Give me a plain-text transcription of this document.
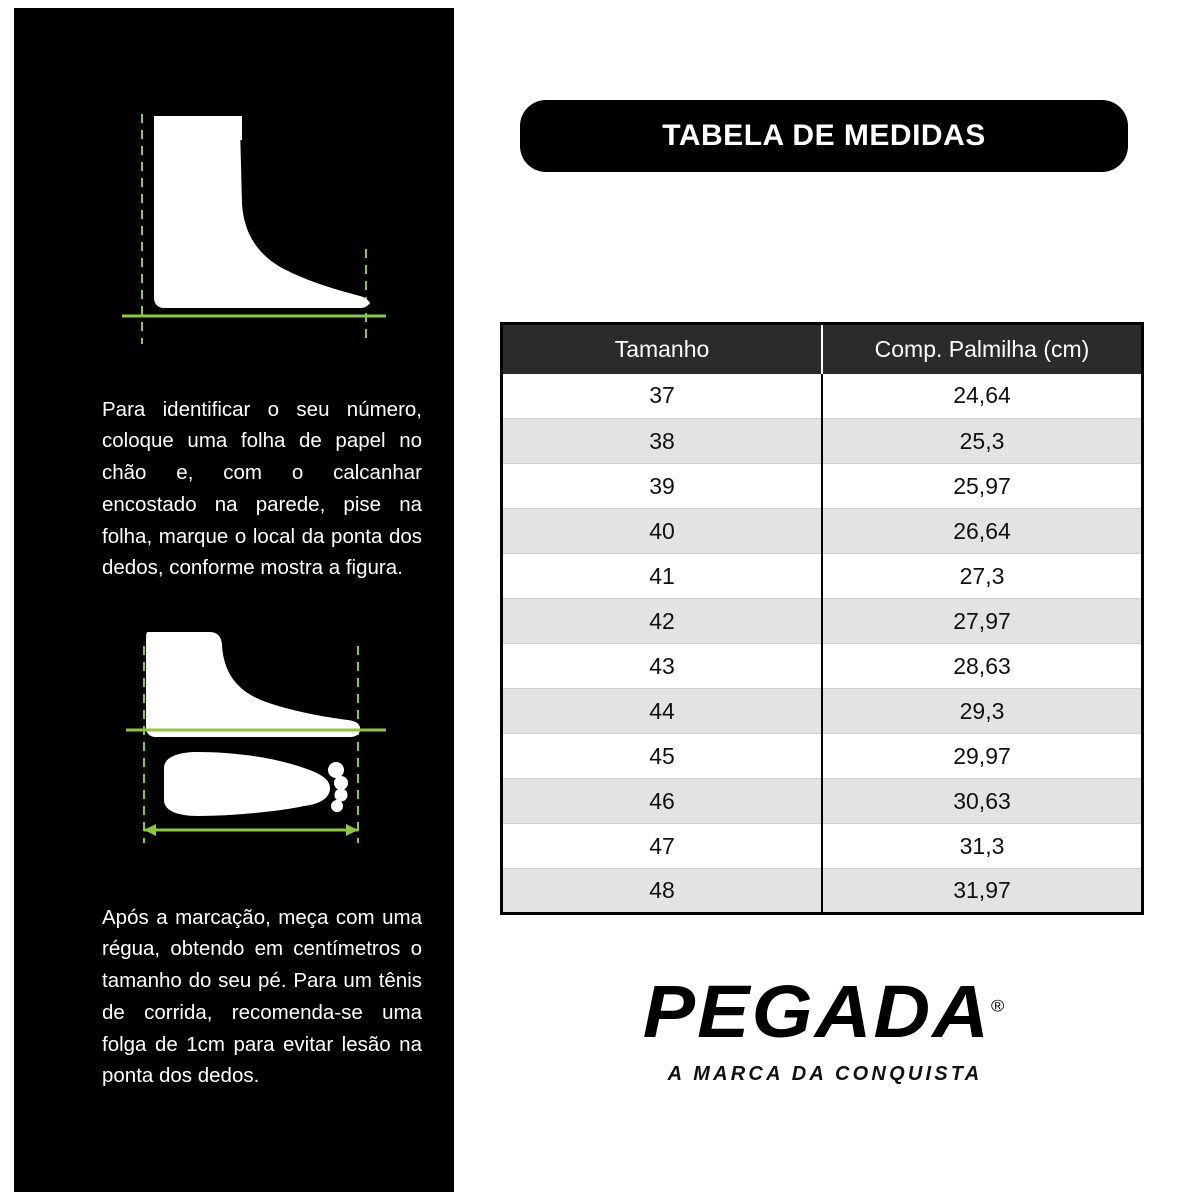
Para identificar o seu número, coloque uma folha de papel no chão e, com o calcanhar encostado na parede, pise na folha, marque o local da ponta dos dedos, conforme mostra a figura.

Após a marcação, meça com uma régua, obtendo em centímetros o tamanho do seu pé. Para um tênis de corrida, recomenda-se uma folga de 1cm para evitar lesão na ponta dos dedos.

TABELA DE MEDIDAS
Tamanho	Comp. Palmilha (cm)
37	24,64
38	25,3
39	25,97
40	26,64
41	27,3
42	27,97
43	28,63
44	29,3
45	29,97
46	30,63
47	31,3
48	31,97
PEGADA®
A MARCA DA CONQUISTA
